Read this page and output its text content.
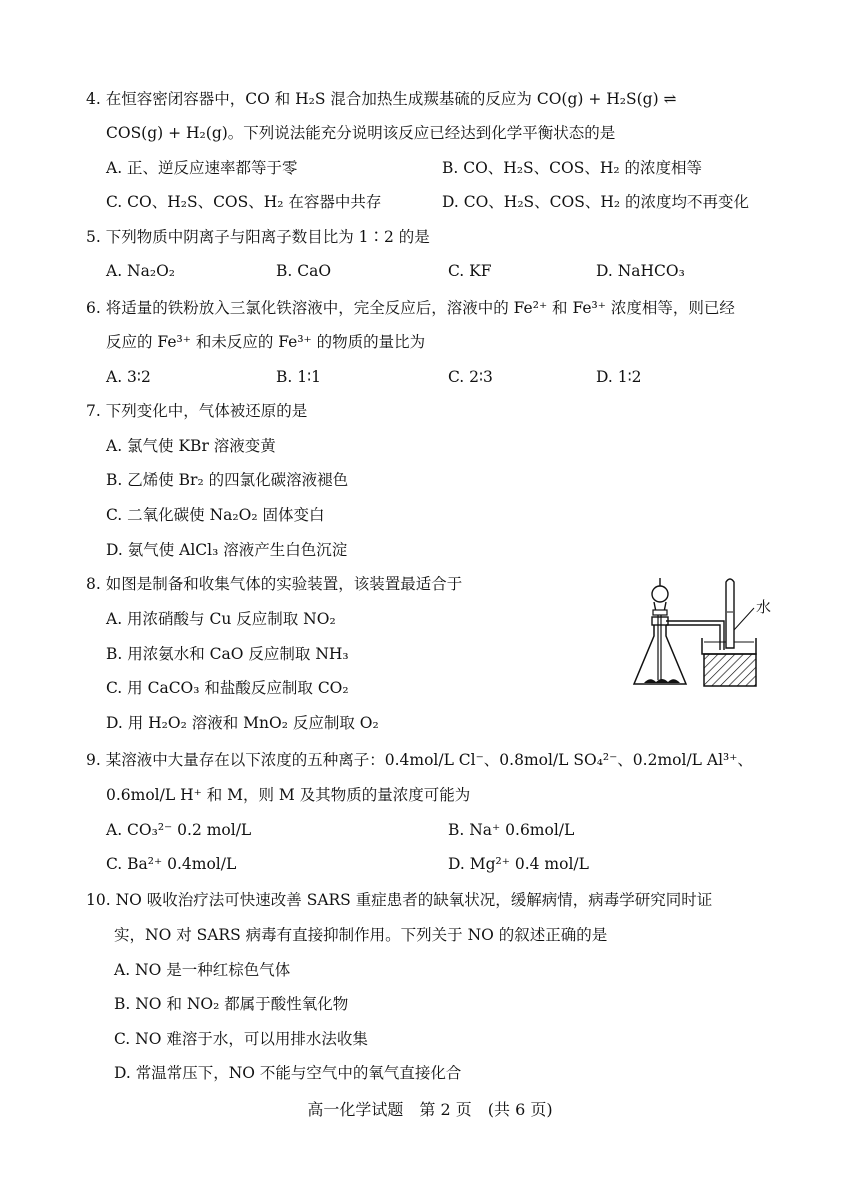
4. 在恒容密闭容器中，CO 和 H₂S 混合加热生成羰基硫的反应为 CO(g) + H₂S(g) ⇌
COS(g) + H₂(g)。下列说法能充分说明该反应已经达到化学平衡状态的是
A. 正、逆反应速率都等于零	B. CO、H₂S、COS、H₂ 的浓度相等
C. CO、H₂S、COS、H₂ 在容器中共存	D. CO、H₂S、COS、H₂ 的浓度均不再变化
5. 下列物质中阴离子与阳离子数目比为 1∶2 的是
A. Na₂O₂	B. CaO	C. KF	D. NaHCO₃
6. 将适量的铁粉放入三氯化铁溶液中，完全反应后，溶液中的 Fe²⁺ 和 Fe³⁺ 浓度相等，则已经
反应的 Fe³⁺ 和未反应的 Fe³⁺ 的物质的量比为
A. 3∶2	B. 1∶1	C. 2∶3	D. 1∶2
7. 下列变化中，气体被还原的是
A. 氯气使 KBr 溶液变黄
B. 乙烯使 Br₂ 的四氯化碳溶液褪色
C. 二氧化碳使 Na₂O₂ 固体变白
D. 氨气使 AlCl₃ 溶液产生白色沉淀
8. 如图是制备和收集气体的实验装置，该装置最适合于
A. 用浓硝酸与 Cu 反应制取 NO₂
B. 用浓氨水和 CaO 反应制取 NH₃
C. 用 CaCO₃ 和盐酸反应制取 CO₂
D. 用 H₂O₂ 溶液和 MnO₂ 反应制取 O₂
水
9. 某溶液中大量存在以下浓度的五种离子：0.4mol/L Cl⁻、0.8mol/L SO₄²⁻、0.2mol/L Al³⁺、
0.6mol/L H⁺ 和 M，则 M 及其物质的量浓度可能为
A. CO₃²⁻ 0.2 mol/L	B. Na⁺ 0.6mol/L
C. Ba²⁺ 0.4mol/L	D. Mg²⁺ 0.4 mol/L
10. NO 吸收治疗法可快速改善 SARS 重症患者的缺氧状况，缓解病情，病毒学研究同时证
实，NO 对 SARS 病毒有直接抑制作用。下列关于 NO 的叙述正确的是
A. NO 是一种红棕色气体
B. NO 和 NO₂ 都属于酸性氧化物
C. NO 难溶于水，可以用排水法收集
D. 常温常压下，NO 不能与空气中的氧气直接化合
高一化学试题　第 2 页　(共 6 页)
